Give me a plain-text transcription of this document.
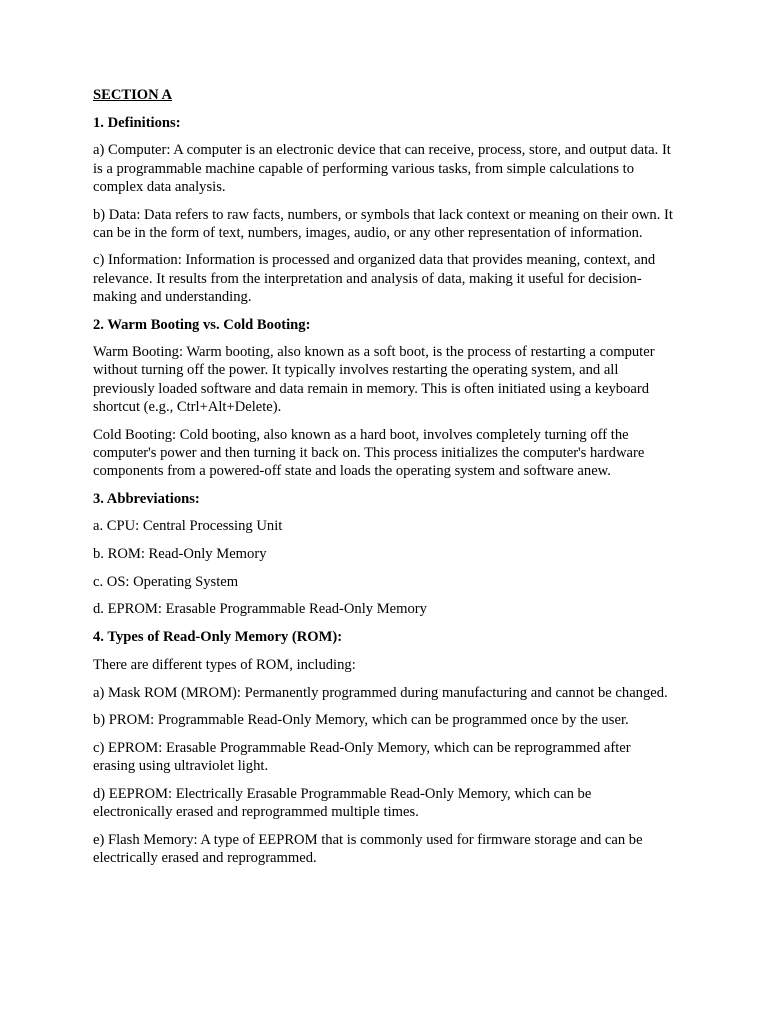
SECTION A
1. Definitions:
a) Computer: A computer is an electronic device that can receive, process, store, and output data. It is a programmable machine capable of performing various tasks, from simple calculations to complex data analysis.
b) Data: Data refers to raw facts, numbers, or symbols that lack context or meaning on their own. It can be in the form of text, numbers, images, audio, or any other representation of information.
c) Information: Information is processed and organized data that provides meaning, context, and relevance. It results from the interpretation and analysis of data, making it useful for decision-making and understanding.
2. Warm Booting vs. Cold Booting:
Warm Booting: Warm booting, also known as a soft boot, is the process of restarting a computer without turning off the power. It typically involves restarting the operating system, and all previously loaded software and data remain in memory. This is often initiated using a keyboard shortcut (e.g., Ctrl+Alt+Delete).
Cold Booting: Cold booting, also known as a hard boot, involves completely turning off the computer's power and then turning it back on. This process initializes the computer's hardware components from a powered-off state and loads the operating system and software anew.
3. Abbreviations:
a. CPU: Central Processing Unit
b. ROM: Read-Only Memory
c. OS: Operating System
d. EPROM: Erasable Programmable Read-Only Memory
4. Types of Read-Only Memory (ROM):
There are different types of ROM, including:
a) Mask ROM (MROM): Permanently programmed during manufacturing and cannot be changed.
b) PROM: Programmable Read-Only Memory, which can be programmed once by the user.
c) EPROM: Erasable Programmable Read-Only Memory, which can be reprogrammed after erasing using ultraviolet light.
d) EEPROM: Electrically Erasable Programmable Read-Only Memory, which can be electronically erased and reprogrammed multiple times.
e) Flash Memory: A type of EEPROM that is commonly used for firmware storage and can be electrically erased and reprogrammed.
